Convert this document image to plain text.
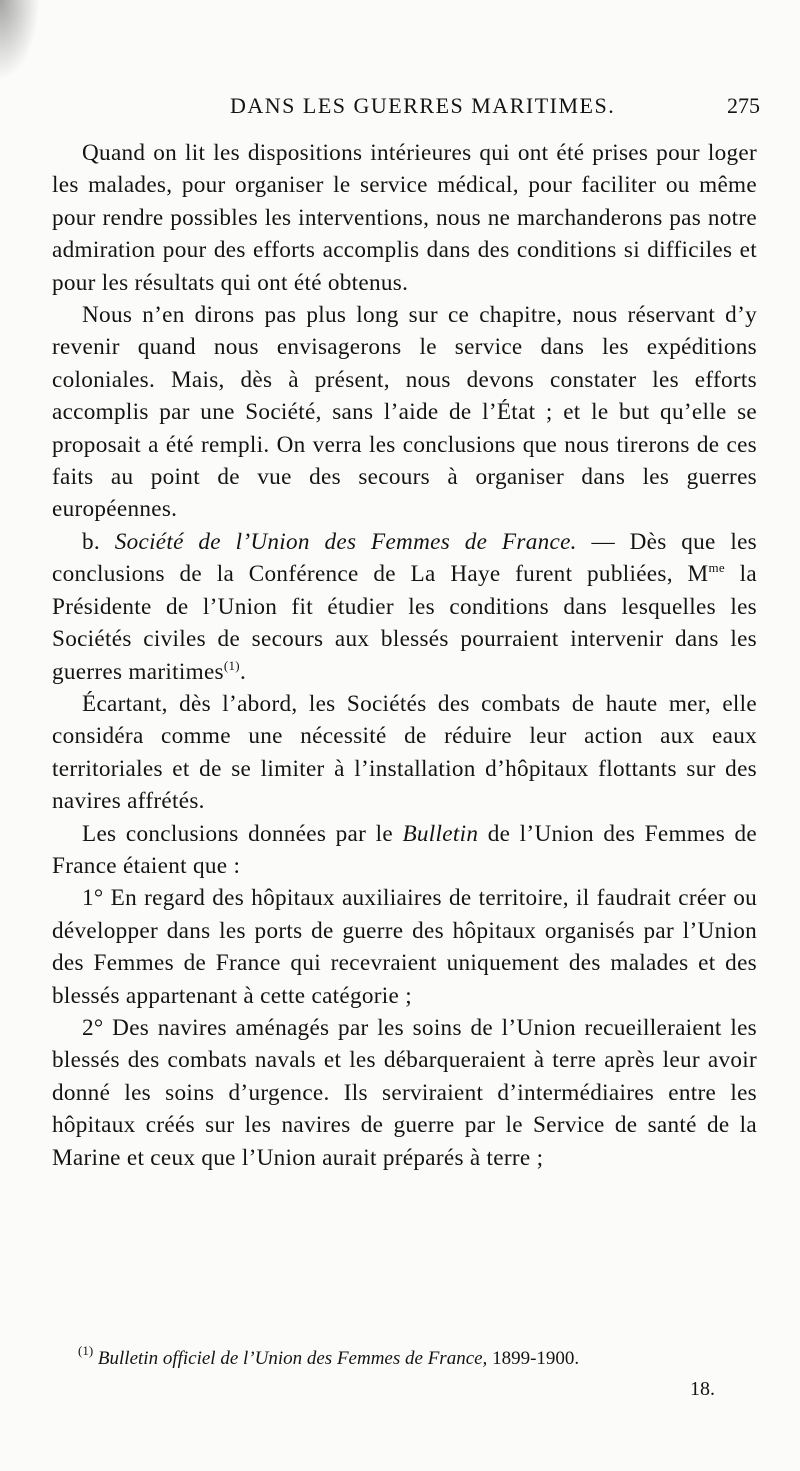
DANS LES GUERRES MARITIMES.	275

Quand on lit les dispositions intérieures qui ont été prises pour loger les malades, pour organiser le service médical, pour faciliter ou même pour rendre possibles les interventions, nous ne marchanderons pas notre admiration pour des efforts accomplis dans des conditions si difficiles et pour les résultats qui ont été obtenus.

Nous n’en dirons pas plus long sur ce chapitre, nous réservant d’y revenir quand nous envisagerons le service dans les expéditions coloniales. Mais, dès à présent, nous devons constater les efforts accomplis par une Société, sans l’aide de l’État ; et le but qu’elle se proposait a été rempli. On verra les conclusions que nous tirerons de ces faits au point de vue des secours à organiser dans les guerres européennes.

b. Société de l’Union des Femmes de France. — Dès que les conclusions de la Conférence de La Haye furent publiées, $M^{me}$ la Présidente de l’Union fit étudier les conditions dans lesquelles les Sociétés civiles de secours aux blessés pourraient intervenir dans les guerres maritimes$^{(1)}$.

Écartant, dès l’abord, les Sociétés des combats de haute mer, elle considéra comme une nécessité de réduire leur action aux eaux territoriales et de se limiter à l’installation d’hôpitaux flottants sur des navires affrétés.

Les conclusions données par le Bulletin de l’Union des Femmes de France étaient que :

1° En regard des hôpitaux auxiliaires de territoire, il faudrait créer ou développer dans les ports de guerre des hôpitaux organisés par l’Union des Femmes de France qui recevraient uniquement des malades et des blessés appartenant à cette catégorie ;

2° Des navires aménagés par les soins de l’Union recueilleraient les blessés des combats navals et les débarqueraient à terre après leur avoir donné les soins d’urgence. Ils serviraient d’intermédiaires entre les hôpitaux créés sur les navires de guerre par le Service de santé de la Marine et ceux que l’Union aurait préparés à terre ;

$^{(1)}$ Bulletin officiel de l’Union des Femmes de France, 1899-1900.
18.
